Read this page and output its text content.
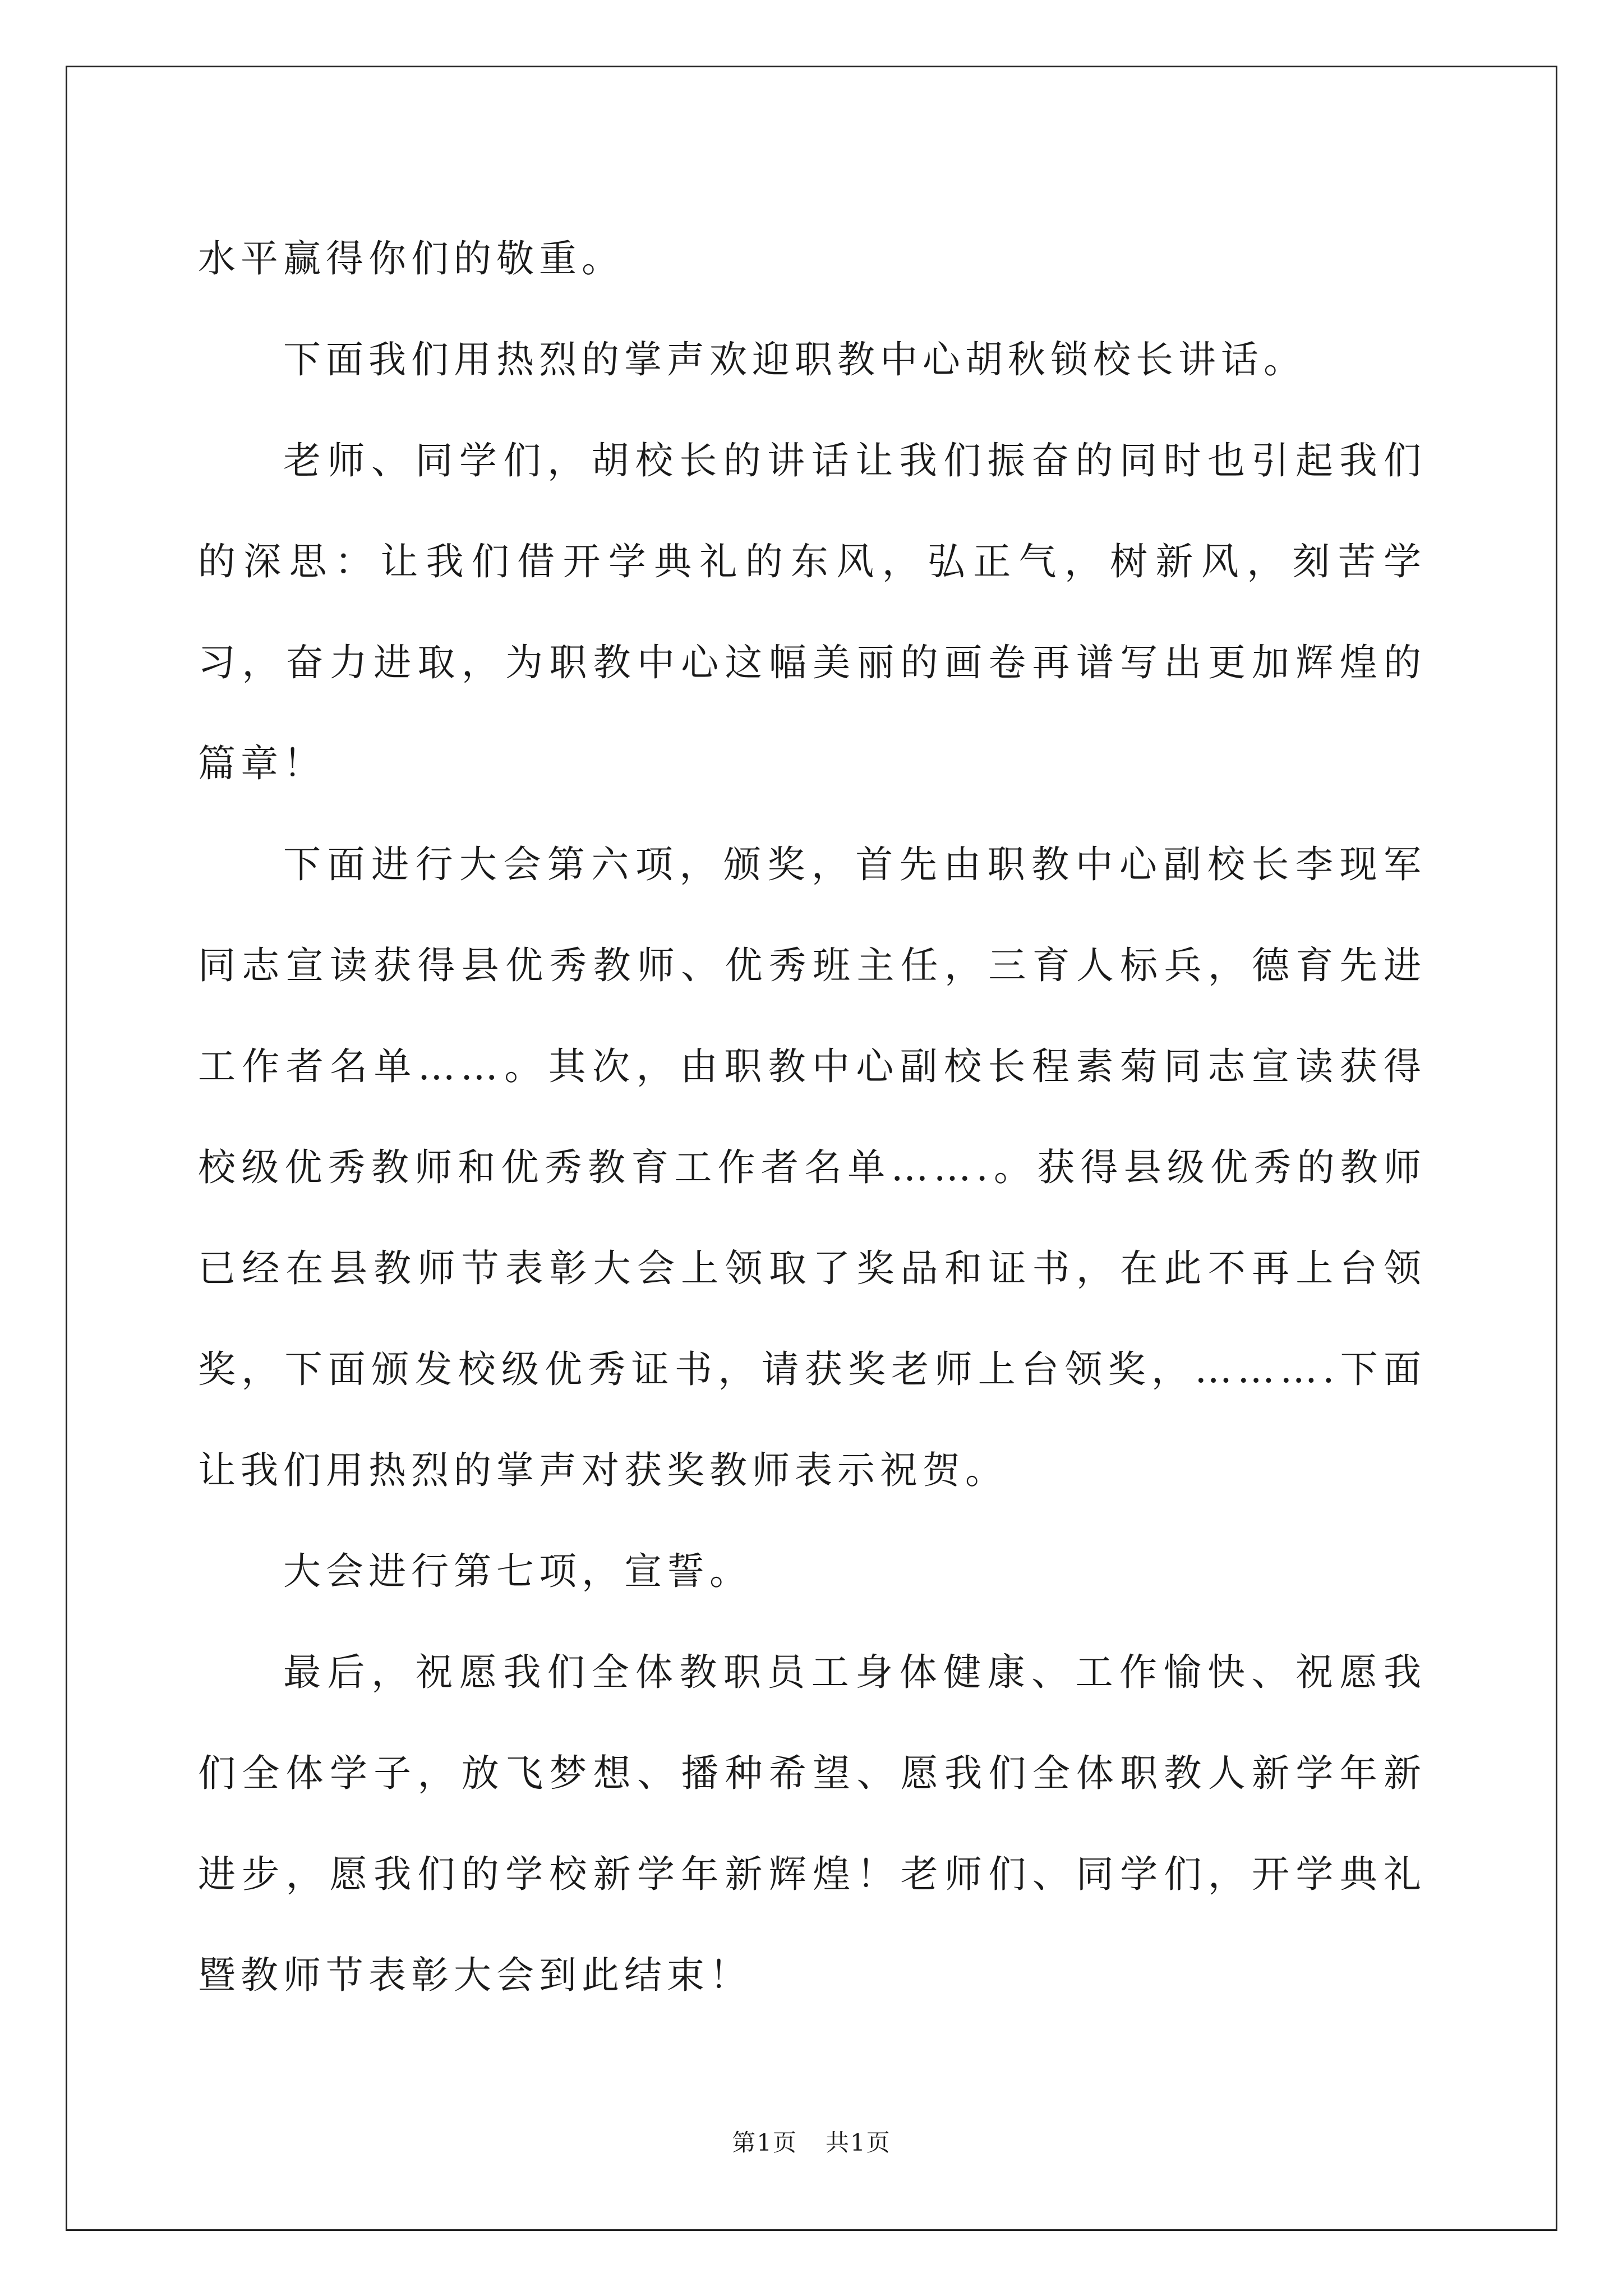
水平赢得你们的敬重。

下面我们用热烈的掌声欢迎职教中心胡秋锁校长讲话。

老师、同学们，胡校长的讲话让我们振奋的同时也引起我们的深思：让我们借开学典礼的东风，弘正气，树新风，刻苦学习，奋力进取，为职教中心这幅美丽的画卷再谱写出更加辉煌的篇章！

下面进行大会第六项，颁奖，首先由职教中心副校长李现军同志宣读获得县优秀教师、优秀班主任，三育人标兵，德育先进工作者名单……。其次，由职教中心副校长程素菊同志宣读获得校级优秀教师和优秀教育工作者名单…….。获得县级优秀的教师已经在县教师节表彰大会上领取了奖品和证书，在此不再上台领奖，下面颁发校级优秀证书，请获奖老师上台领奖，……….下面让我们用热烈的掌声对获奖教师表示祝贺。

大会进行第七项，宣誓。

最后，祝愿我们全体教职员工身体健康、工作愉快、祝愿我们全体学子，放飞梦想、播种希望、愿我们全体职教人新学年新进步，愿我们的学校新学年新辉煌！老师们、同学们，开学典礼暨教师节表彰大会到此结束！

第1页 共1页
